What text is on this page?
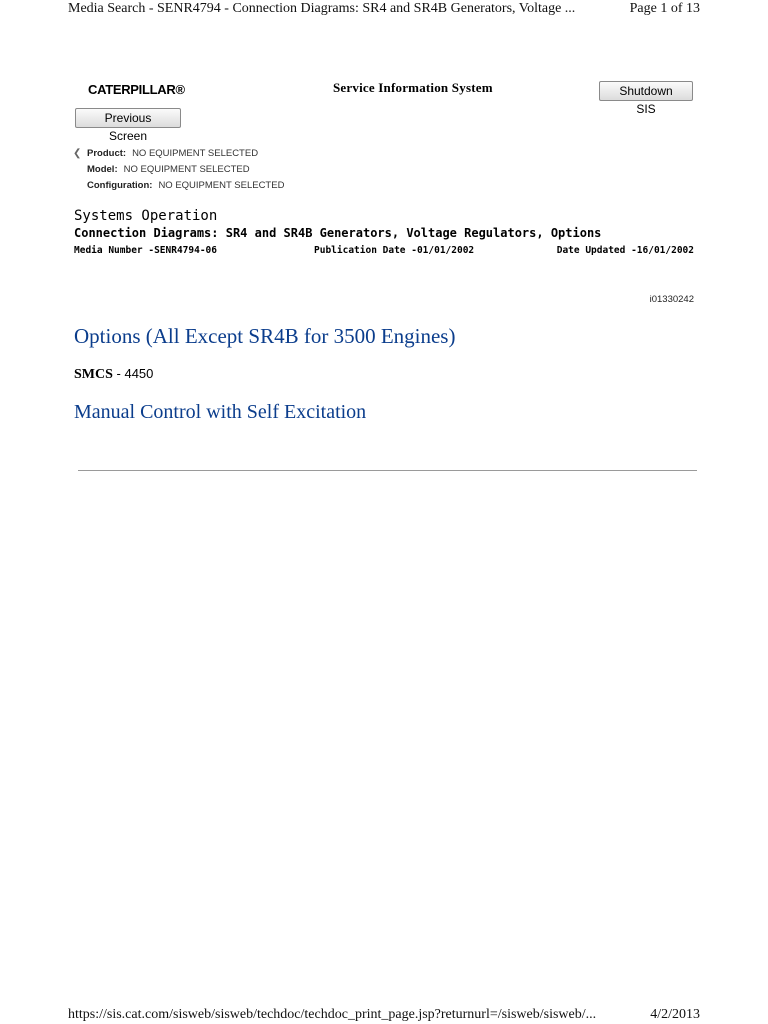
Media Search - SENR4794 - Connection Diagrams: SR4 and SR4B Generators, Voltage ...	Page 1 of 13
CATERPILLAR®	Service Information System	Shutdown SIS
Previous Screen
❮ Product: NO EQUIPMENT SELECTED
Model: NO EQUIPMENT SELECTED
Configuration: NO EQUIPMENT SELECTED
Systems Operation
Connection Diagrams: SR4 and SR4B Generators, Voltage Regulators, Options
Media Number -SENR4794-06	Publication Date -01/01/2002	Date Updated -16/01/2002
i01330242
Options (All Except SR4B for 3500 Engines)
SMCS - 4450
Manual Control with Self Excitation
https://sis.cat.com/sisweb/sisweb/techdoc/techdoc_print_page.jsp?returnurl=/sisweb/sisweb/...	4/2/2013
